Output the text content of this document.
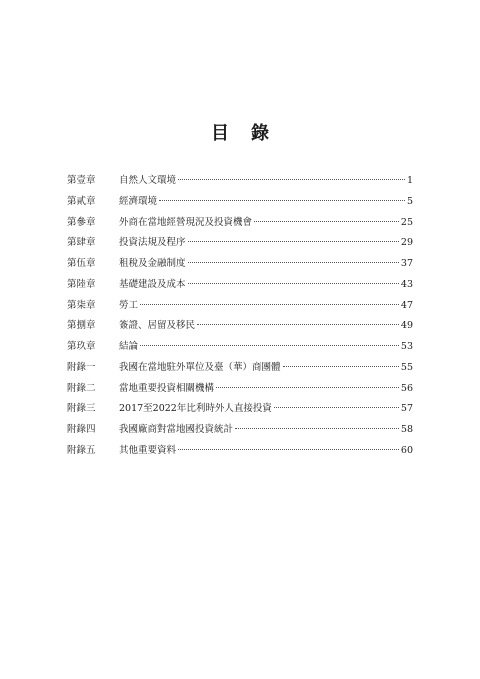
目 錄
第壹章	自然人文環境	1
第貳章	經濟環境	5
第參章	外商在當地經營現況及投資機會	25
第肆章	投資法規及程序	29
第伍章	租稅及金融制度	37
第陸章	基礎建設及成本	43
第柒章	勞工	47
第捌章	簽證、居留及移民	49
第玖章	結論	53
附錄一	我國在當地駐外單位及臺（華）商團體	55
附錄二	當地重要投資相關機構	56
附錄三	2017至2022年比利時外人直接投資	57
附錄四	我國廠商對當地國投資統計	58
附錄五	其他重要資料	60
